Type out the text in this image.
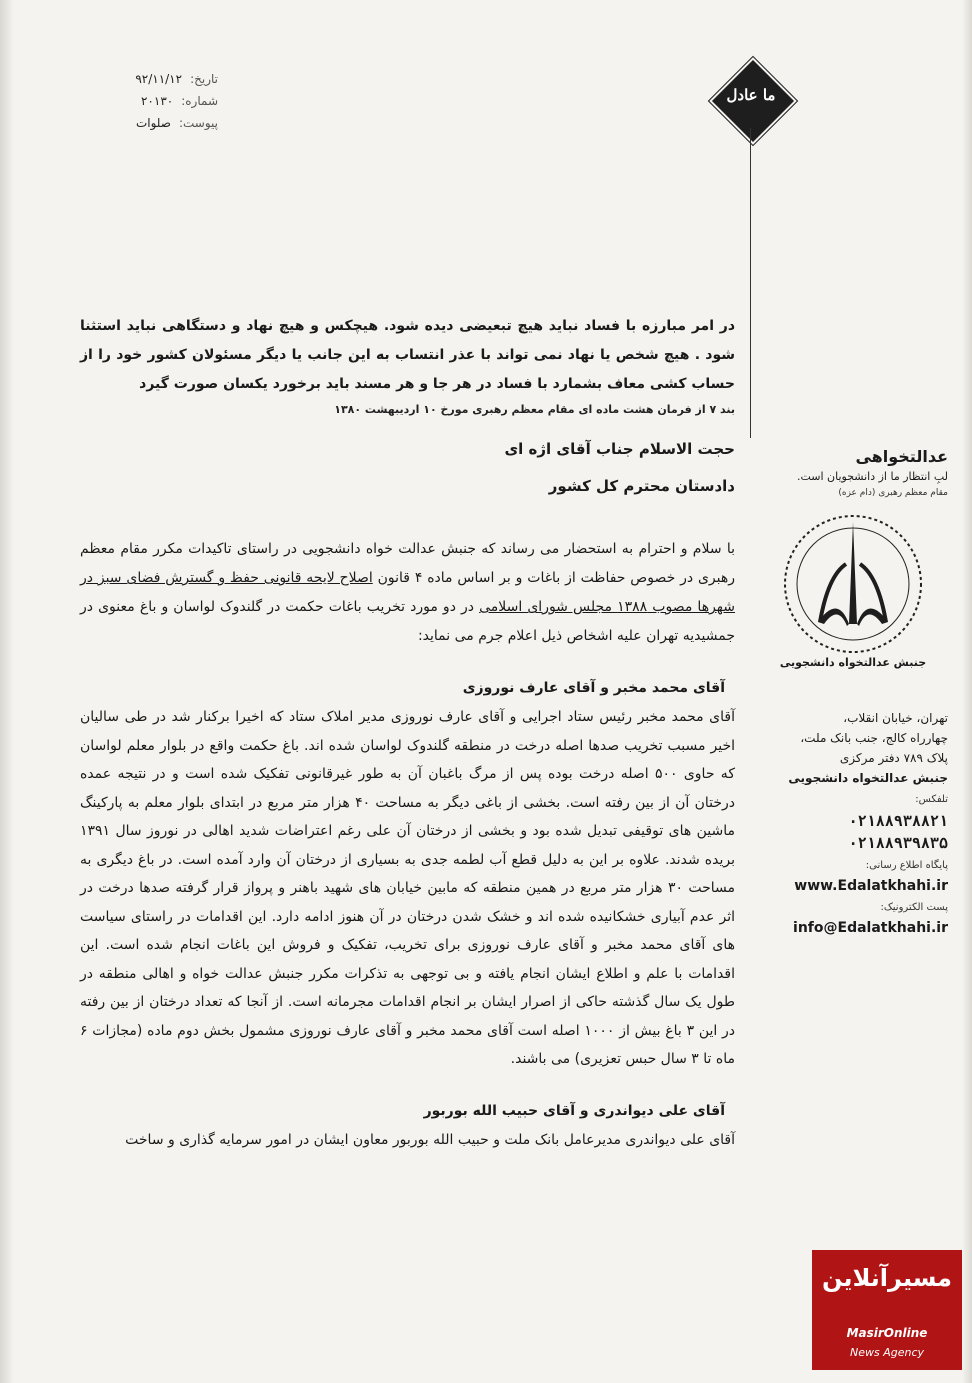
تاریخ:
۹۲/۱۱/۱۲
شماره:
۲۰۱۳۰
پیوست:
صلوات
ما عادل

در امر مبارزه با فساد نباید هیچ تبعیضی دیده شود. هیچکس و هیچ نهاد و دستگاهی نباید استثنا شود . هیچ شخص یا نهاد نمی تواند با عذر انتساب به این جانب یا دیگر مسئولان کشور خود را از حساب کشی معاف بشمارد با فساد در هر جا و هر مسند باید برخورد یکسان صورت گیرد

بند ۷ از فرمان هشت ماده ای مقام معظم رهبری مورخ ۱۰ اردیبهشت ۱۳۸۰

حجت الاسلام جناب آقای اژه ای

دادستان محترم کل کشور

با سلام و احترام به استحضار می رساند که جنبش عدالت خواه دانشجویی در راستای تاکیدات مکرر مقام معظم رهبری در خصوص حفاظت از باغات و بر اساس ماده ۴ قانون اصلاح لایحه قانونی حفظ و گسترش فضای سبز در شهرها مصوب ۱۳۸۸ مجلس شورای اسلامی در دو مورد تخریب باغات حکمت در گلندوک لواسان و باغ معنوی در جمشیدیه تهران علیه اشخاص ذیل اعلام جرم می نماید:

آقای محمد مخبر و آقای عارف نوروزی

آقای محمد مخبر رئیس ستاد اجرایی و آقای عارف نوروزی مدیر املاک ستاد که اخیرا برکنار شد در طی سالیان اخیر مسبب تخریب صدها اصله درخت در منطقه گلندوک لواسان شده اند. باغ حکمت واقع در بلوار معلم لواسان که حاوی ۵۰۰ اصله درخت بوده پس از مرگ باغبان آن به طور غیرقانونی تفکیک شده است و در نتیجه عمده درختان آن از بین رفته است. بخشی از باغی دیگر به مساحت ۴۰ هزار متر مربع در ابتدای بلوار معلم به پارکینگ ماشین های توقیفی تبدیل شده بود و بخشی از درختان آن علی رغم اعتراضات شدید اهالی در نوروز سال ۱۳۹۱ بریده شدند. علاوه بر این به دلیل قطع آب لطمه جدی به بسیاری از درختان آن وارد آمده است. در باغ دیگری به مساحت ۳۰ هزار متر مربع در همین منطقه که مابین خیابان های شهید باهنر و پرواز قرار گرفته صدها درخت در اثر عدم آبیاری خشکانیده شده اند و خشک شدن درختان در آن هنوز ادامه دارد. این اقدامات در راستای سیاست های آقای محمد مخبر و آقای عارف نوروزی برای تخریب، تفکیک و فروش این باغات انجام شده است. این اقدامات با علم و اطلاع ایشان انجام یافته و بی توجهی به تذکرات مکرر جنبش عدالت خواه و اهالی منطقه در طول یک سال گذشته حاکی از اصرار ایشان بر انجام اقدامات مجرمانه است. از آنجا که تعداد درختان از بین رفته در این ۳ باغ بیش از ۱۰۰۰ اصله است آقای محمد مخبر و آقای عارف نوروزی مشمول بخش دوم ماده (مجازات ۶ ماه تا ۳ سال حبس تعزیری) می باشند.

آقای علی دیواندری و آقای حبیب الله بوربور

آقای علی دیواندری مدیرعامل بانک ملت و حبیب الله بوربور معاون ایشان در امور سرمایه گذاری و ساخت

عدالتخواهی

لبِ انتظار ما از دانشجویان است.

مقام معظم رهبری (دام عزه)

جنبش عدالتخواه دانشجویی

تهران، خیابان انقلاب،

چهارراه کالج، جنب بانک ملت،

پلاک ۷۸۹ دفتر مرکزی

جنبش عدالتخواه دانشجویی

تلفکس:

۰۲۱۸۸۹۳۸۸۲۱

۰۲۱۸۸۹۳۹۸۳۵

پایگاه اطلاع رسانی:

www.Edalatkhahi.ir

پست الکترونیک:

info@Edalatkhahi.ir

مسیرآنلاین
MasirOnline
News Agency
